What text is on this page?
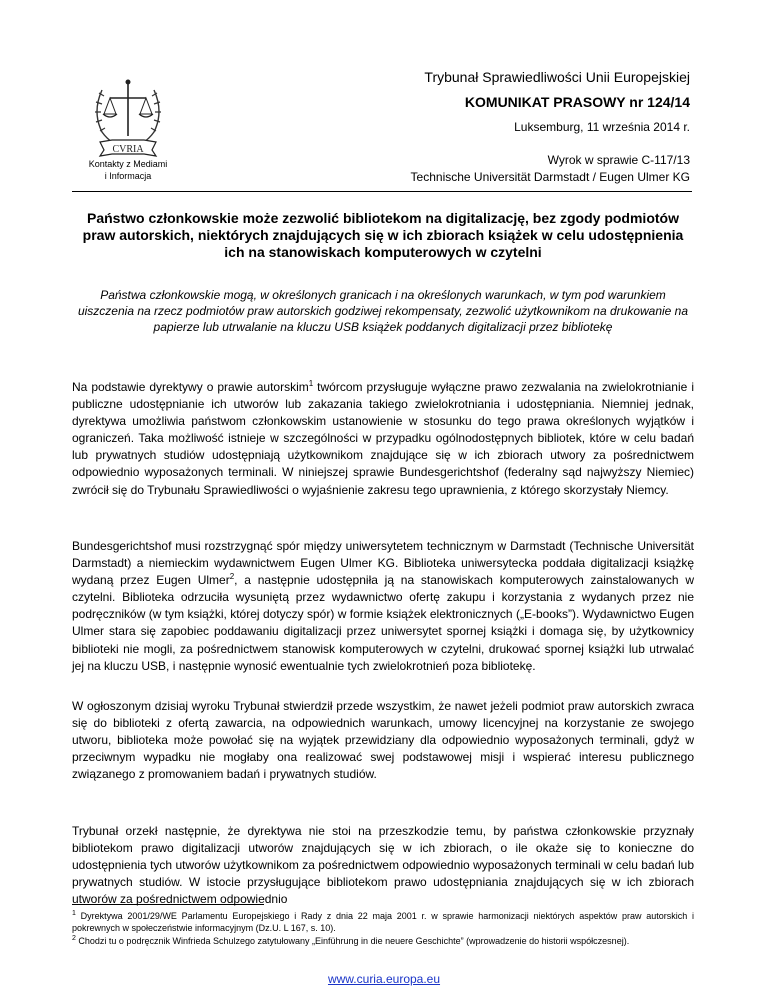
CVRIA
Kontakty z Mediami
i Informacja
Trybunał Sprawiedliwości Unii Europejskiej
KOMUNIKAT PRASOWY nr 124/14
Luksemburg, 11 września 2014 r.
Wyrok w sprawie C-117/13
Technische Universität Darmstadt / Eugen Ulmer KG
Państwo członkowskie może zezwolić bibliotekom na digitalizację, bez zgody podmiotów praw autorskich, niektórych znajdujących się w ich zbiorach książek w celu udostępnienia ich na stanowiskach komputerowych w czytelni
Państwa członkowskie mogą, w określonych granicach i na określonych warunkach, w tym pod warunkiem uiszczenia na rzecz podmiotów praw autorskich godziwej rekompensaty, zezwolić użytkownikom na drukowanie na papierze lub utrwalanie na kluczu USB książek poddanych digitalizacji przez bibliotekę
Na podstawie dyrektywy o prawie autorskim$^1$ twórcom przysługuje wyłączne prawo zezwalania na zwielokrotnianie i publiczne udostępnianie ich utworów lub zakazania takiego zwielokrotniania i udostępniania. Niemniej jednak, dyrektywa umożliwia państwom członkowskim ustanowienie w stosunku do tego prawa określonych wyjątków i ograniczeń. Taka możliwość istnieje w szczególności w przypadku ogólnodostępnych bibliotek, które w celu badań lub prywatnych studiów udostępniają użytkownikom znajdujące się w ich zbiorach utwory za pośrednictwem odpowiednio wyposażonych terminali. W niniejszej sprawie Bundesgerichtshof (federalny sąd najwyższy Niemiec) zwrócił się do Trybunału Sprawiedliwości o wyjaśnienie zakresu tego uprawnienia, z którego skorzystały Niemcy.
Bundesgerichtshof musi rozstrzygnąć spór między uniwersytetem technicznym w Darmstadt (Technische Universität Darmstadt) a niemieckim wydawnictwem Eugen Ulmer KG. Biblioteka uniwersytecka poddała digitalizacji książkę wydaną przez Eugen Ulmer$^2$, a następnie udostępniła ją na stanowiskach komputerowych zainstalowanych w czytelni. Biblioteka odrzuciła wysuniętą przez wydawnictwo ofertę zakupu i korzystania z wydanych przez nie podręczników (w tym książki, której dotyczy spór) w formie książek elektronicznych („E-books”). Wydawnictwo Eugen Ulmer stara się zapobiec poddawaniu digitalizacji przez uniwersytet spornej książki i domaga się, by użytkownicy biblioteki nie mogli, za pośrednictwem stanowisk komputerowych w czytelni, drukować spornej książki lub utrwalać jej na kluczu USB, i następnie wynosić ewentualnie tych zwielokrotnień poza bibliotekę.
W ogłoszonym dzisiaj wyroku Trybunał stwierdził przede wszystkim, że nawet jeżeli podmiot praw autorskich zwraca się do biblioteki z ofertą zawarcia, na odpowiednich warunkach, umowy licencyjnej na korzystanie ze swojego utworu, biblioteka może powołać się na wyjątek przewidziany dla odpowiednio wyposażonych terminali, gdyż w przeciwnym wypadku nie mogłaby ona realizować swej podstawowej misji i wspierać interesu publicznego związanego z promowaniem badań i prywatnych studiów.
Trybunał orzekł następnie, że dyrektywa nie stoi na przeszkodzie temu, by państwa członkowskie przyznały bibliotekom prawo digitalizacji utworów znajdujących się w ich zbiorach, o ile okaże się to konieczne do udostępnienia tych utworów użytkownikom za pośrednictwem odpowiednio wyposażonych terminali w celu badań lub prywatnych studiów. W istocie przysługujące bibliotekom prawo udostępniania znajdujących się w ich zbiorach utworów za pośrednictwem odpowiednio
$^1$ Dyrektywa 2001/29/WE Parlamentu Europejskiego i Rady z dnia 22 maja 2001 r. w sprawie harmonizacji niektórych aspektów praw autorskich i pokrewnych w społeczeństwie informacyjnym (Dz.U. L 167, s. 10).
$^2$ Chodzi tu o podręcznik Winfrieda Schulzego zatytułowany „Einführung in die neuere Geschichte” (wprowadzenie do historii współczesnej).
www.curia.europa.eu
